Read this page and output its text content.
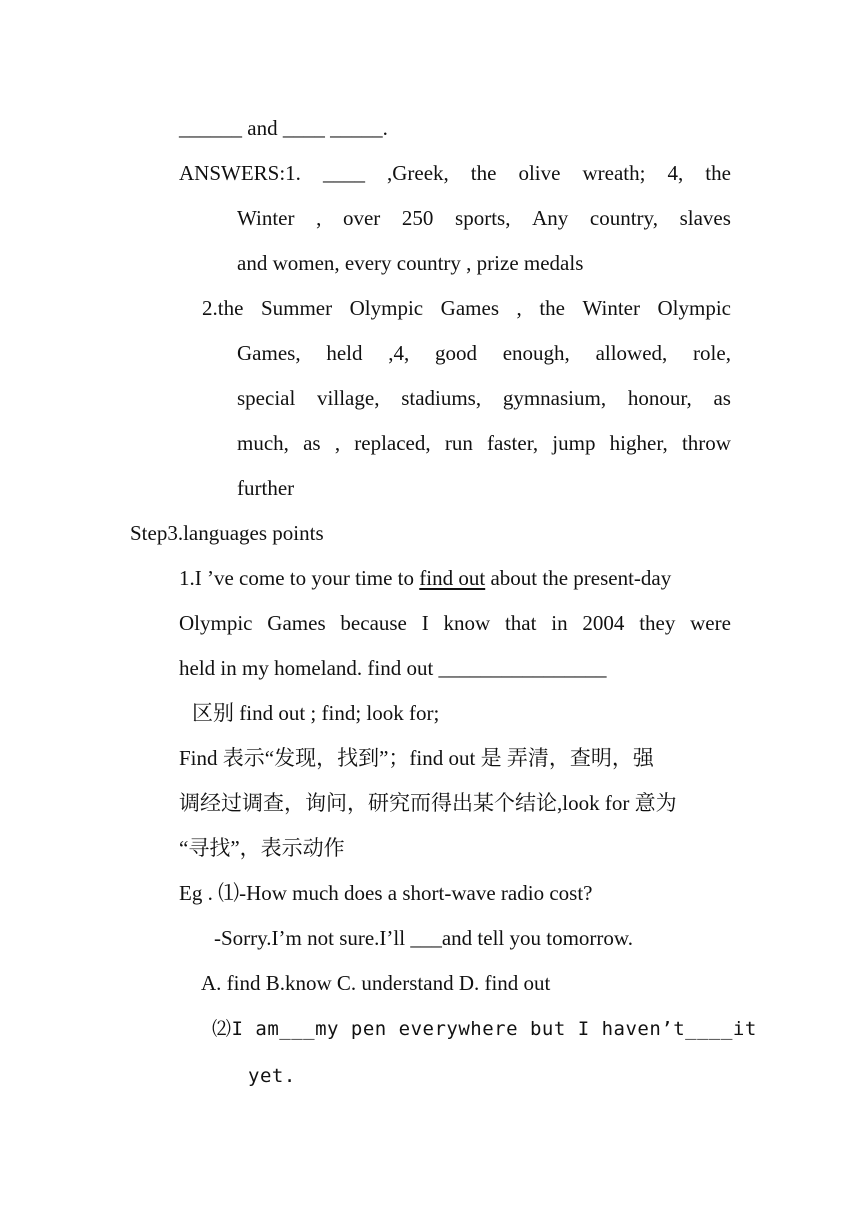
______ and ____ _____.
ANSWERS:1. ____ ,Greek, the olive wreath; 4, the
Winter , over 250 sports, Any country, slaves
and women, every country , prize medals
2.the Summer Olympic Games , the Winter Olympic
Games, held ,4, good enough, allowed, role,
special village, stadiums, gymnasium, honour, as
much, as , replaced, run faster, jump higher, throw
further
Step3.languages points
1.I ’ve come to your time to find out about the present-day
Olympic Games because I know that in 2004 they were
held in my homeland. find out ________________
区别 find out ; find; look for;
Find 表示“发现，找到”；find out 是 弄清，查明，强
调经过调查，询问，研究而得出某个结论,look for 意为
“寻找”，表示动作
Eg . ⑴-How much does a short-wave radio cost?
-Sorry.I’m not sure.I’ll ___and tell you tomorrow.
A. find B.know C. understand D. find out
⑵I am___my pen everywhere but I haven’t____it
yet.
